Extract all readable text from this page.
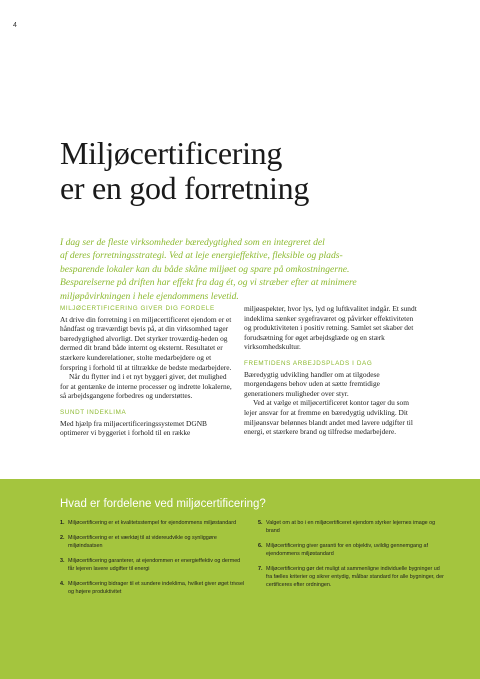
4
Miljøcertificering
er en god forretning

I dag ser de fleste virksomheder bæredygtighed som en integreret del
af deres forretningsstrategi. Ved at leje energieffektive, fleksible og plads-
besparende lokaler kan du både skåne miljøet og spare på omkostningerne.
Besparelserne på driften har effekt fra dag ét, og vi stræber efter at minimere
miljøpåvirkningen i hele ejendommens levetid.

MILJØCERTIFICERING GIVER DIG FORDELE

At drive din forretning i en miljøcertificeret ejendom er et håndfast og træværdigt bevis på, at din virksomhed tager bæredygtighed alvorligt. Det styrker troværdig-heden og dermed dit brand både internt og eksternt. Resultatet er stærkere kunderelationer, stolte medarbejdere og et forspring i forhold til at tiltrække de bedste medarbejdere.

Når du flytter ind i et nyt byggeri giver, det mulighed for at gentænke de interne processer og indrette lokalerne, så arbejdsgangene forbedres og understøttes.

SUNDT INDEKLIMA

Med hjælp fra miljøcertificeringssystemet DGNB optimerer vi byggeriet i forhold til en række

miljøaspekter, hvor lys, lyd og luftkvalitet indgår. Et sundt indeklima sænker sygefraværet og påvirker effektiviteten og produktiviteten i positiv retning. Samlet set skaber det forudsætning for øget arbejdsglæde og en stærk virksomhedskultur.

FREMTIDENS ARBEJDSPLADS I DAG

Bæredygtig udvikling handler om at tilgodese morgendagens behov uden at sætte fremtidige generationers muligheder over styr.

Ved at vælge et miljøcertificeret kontor tager du som lejer ansvar for at fremme en bæredygtig udvikling. Dit miljøansvar belønnes blandt andet med lavere udgifter til energi, et stærkere brand og tilfredse medarbejdere.

Hvad er fordelene ved miljøcertificering?
1. Miljøcertificering er et kvalitetsstempel for ejendommens miljøstandard
2. Miljøcertificering er et værktøj til at videreudvikle og synliggøre miljøindsatsen
3. Miljøcertificering garanterer, at ejendommen er energieffektiv og dermed får lejeren lavere udgifter til energi
4. Miljøcertificering bidrager til et sundere indeklima, hvilket giver øget trivsel og højere produktivitet
5. Valget om at bo i en miljøcertificeret ejendom styrker lejernes image og brand
6. Miljøcertificering giver garanti for en objektiv, uvildig gennemgang af ejendommens miljøstandard
7. Miljøcertificering gør det muligt at sammenligne individuelle bygninger ud fra fælles kriterier og sikrer entydig, målbar standard for alle bygninger, der certificeres efter ordningen.
